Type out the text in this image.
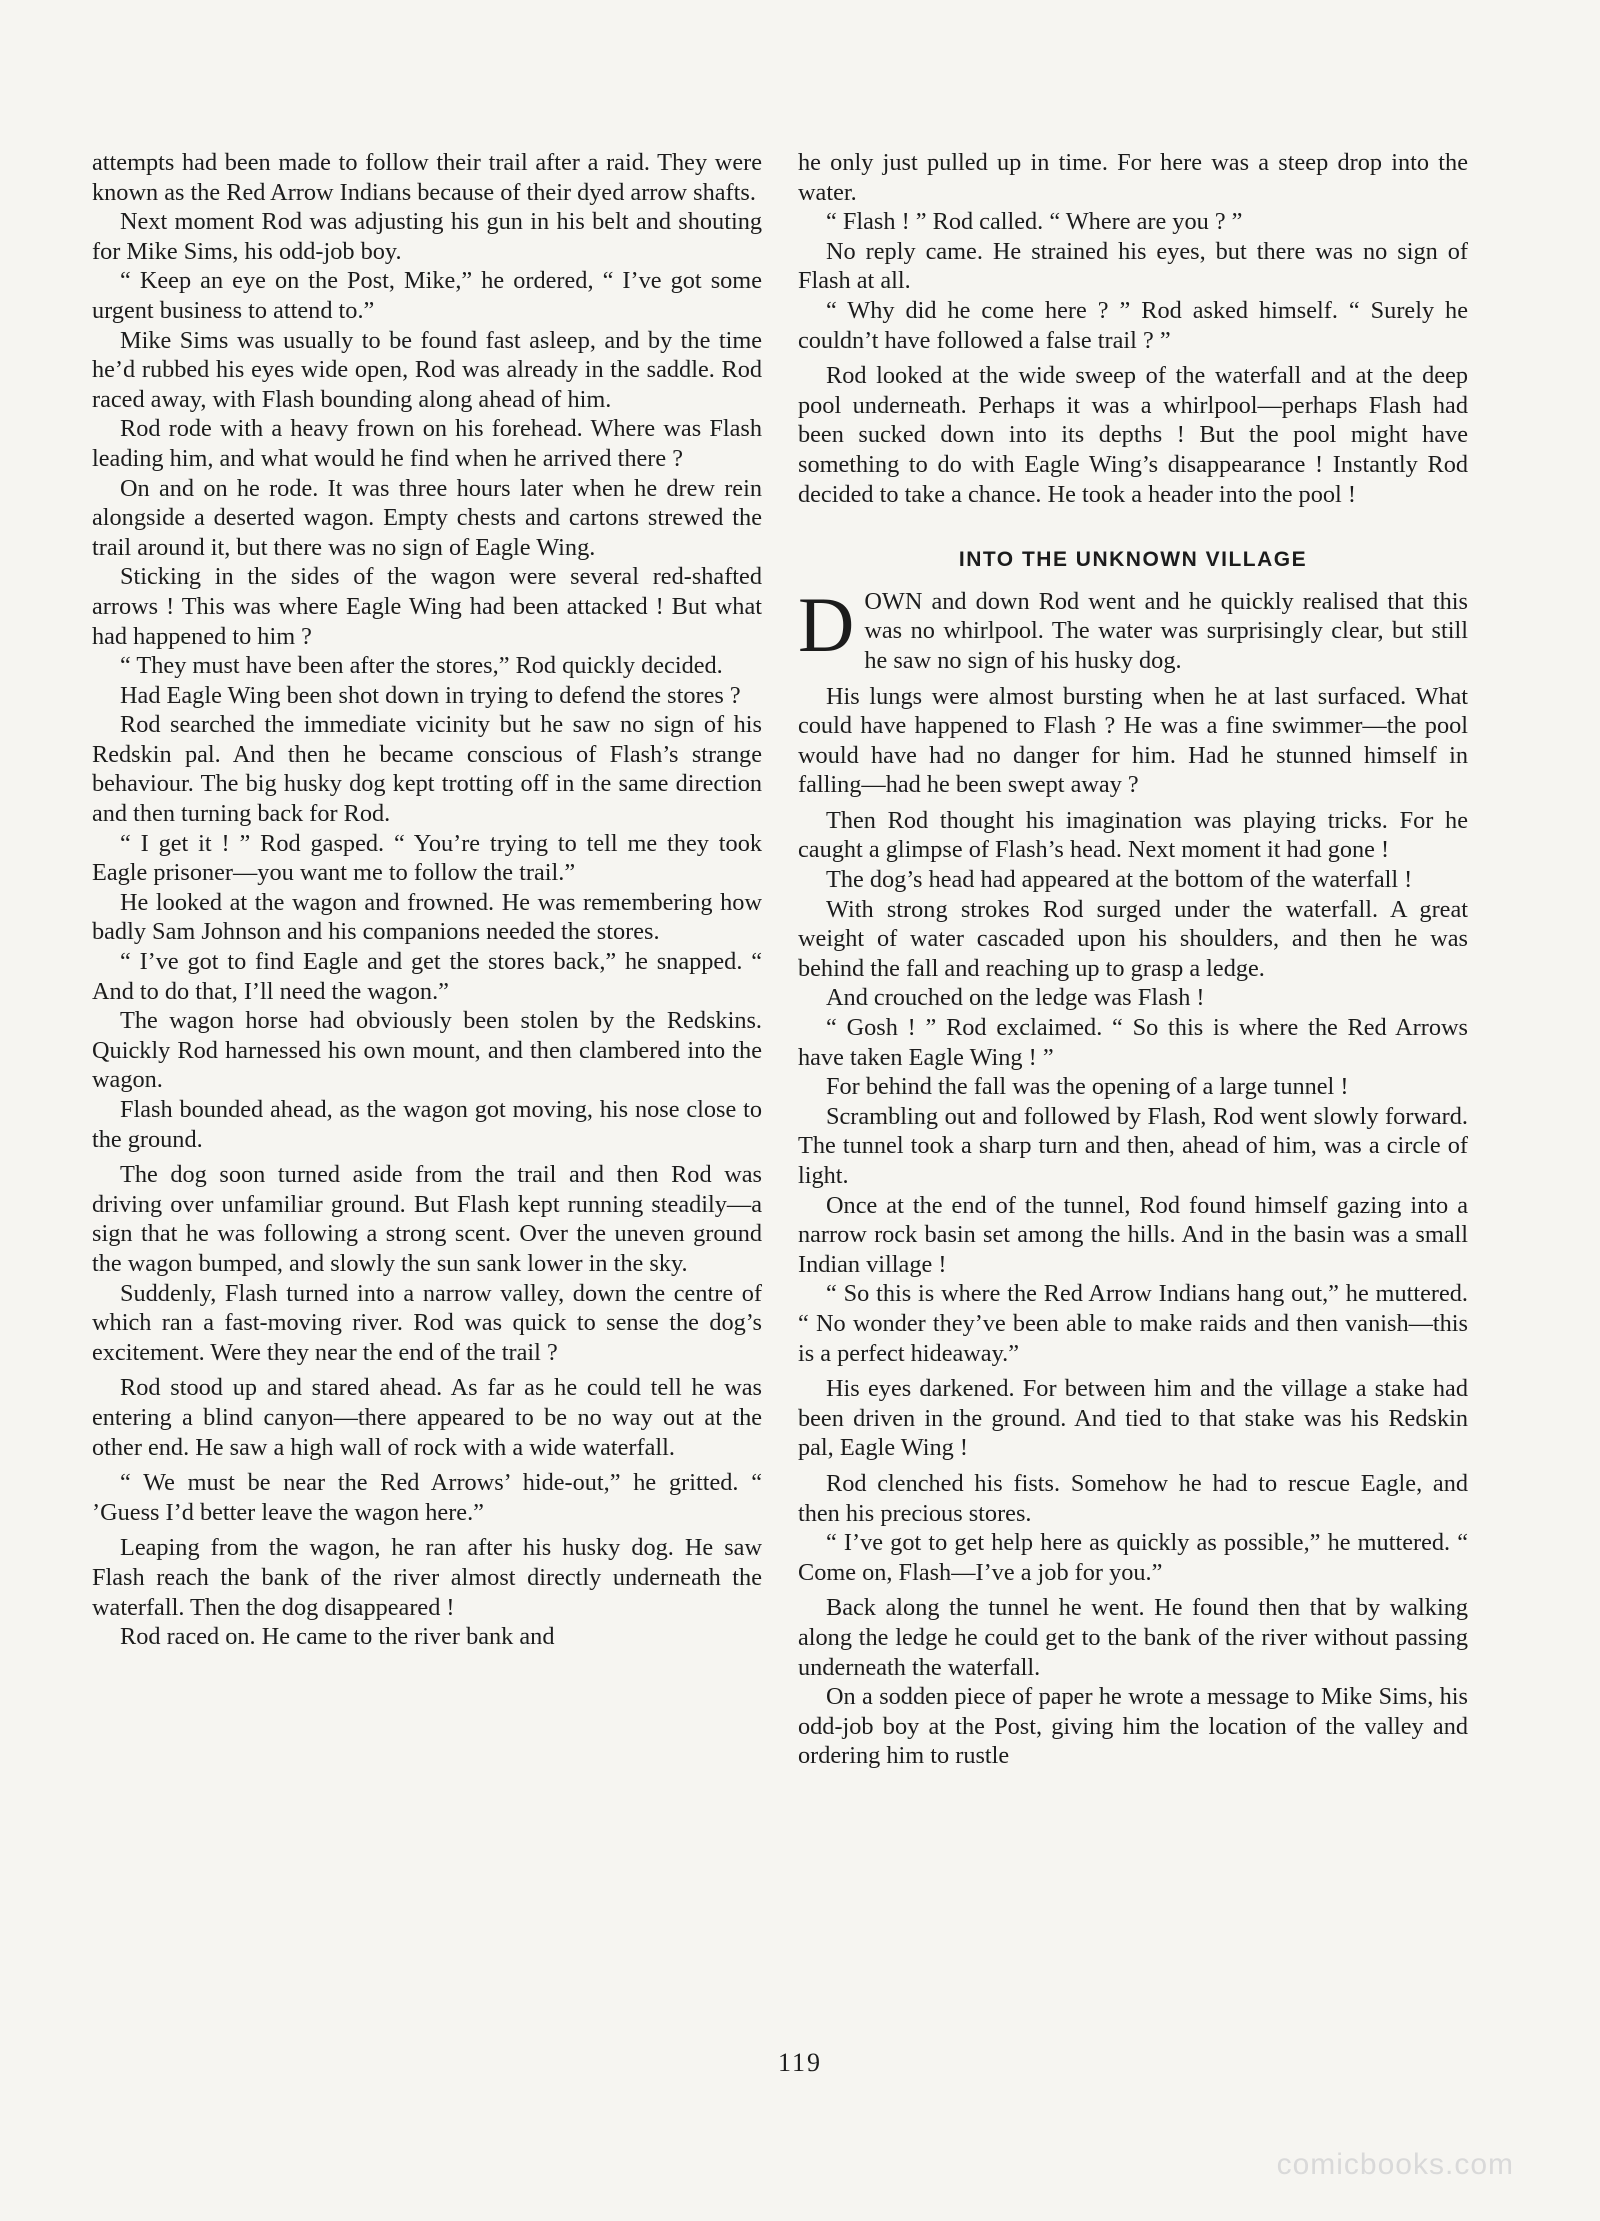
attempts had been made to follow their trail after a raid. They were known as the Red Arrow Indians because of their dyed arrow shafts.

Next moment Rod was adjusting his gun in his belt and shouting for Mike Sims, his odd-job boy.

“ Keep an eye on the Post, Mike,” he ordered, “ I’ve got some urgent business to attend to.”

Mike Sims was usually to be found fast asleep, and by the time he’d rubbed his eyes wide open, Rod was already in the saddle. Rod raced away, with Flash bounding along ahead of him.

Rod rode with a heavy frown on his forehead. Where was Flash leading him, and what would he find when he arrived there ?

On and on he rode. It was three hours later when he drew rein alongside a deserted wagon. Empty chests and cartons strewed the trail around it, but there was no sign of Eagle Wing.

Sticking in the sides of the wagon were several red-shafted arrows ! This was where Eagle Wing had been attacked ! But what had happened to him ?

“ They must have been after the stores,” Rod quickly decided.

Had Eagle Wing been shot down in trying to defend the stores ?

Rod searched the immediate vicinity but he saw no sign of his Redskin pal. And then he became conscious of Flash’s strange behaviour. The big husky dog kept trotting off in the same direction and then turning back for Rod.

“ I get it ! ” Rod gasped. “ You’re trying to tell me they took Eagle prisoner—you want me to follow the trail.”

He looked at the wagon and frowned. He was remembering how badly Sam Johnson and his companions needed the stores.

“ I’ve got to find Eagle and get the stores back,” he snapped. “ And to do that, I’ll need the wagon.”

The wagon horse had obviously been stolen by the Redskins. Quickly Rod harnessed his own mount, and then clambered into the wagon.

Flash bounded ahead, as the wagon got moving, his nose close to the ground.

The dog soon turned aside from the trail and then Rod was driving over unfamiliar ground. But Flash kept running steadily—a sign that he was following a strong scent. Over the uneven ground the wagon bumped, and slowly the sun sank lower in the sky.

Suddenly, Flash turned into a narrow valley, down the centre of which ran a fast-moving river. Rod was quick to sense the dog’s excitement. Were they near the end of the trail ?

Rod stood up and stared ahead. As far as he could tell he was entering a blind canyon—there appeared to be no way out at the other end. He saw a high wall of rock with a wide waterfall.

“ We must be near the Red Arrows’ hide-out,” he gritted. “ ’Guess I’d better leave the wagon here.”

Leaping from the wagon, he ran after his husky dog. He saw Flash reach the bank of the river almost directly underneath the waterfall. Then the dog disappeared !

Rod raced on. He came to the river bank and

he only just pulled up in time. For here was a steep drop into the water.

“ Flash ! ” Rod called. “ Where are you ? ”

No reply came. He strained his eyes, but there was no sign of Flash at all.

“ Why did he come here ? ” Rod asked himself. “ Surely he couldn’t have followed a false trail ? ”

Rod looked at the wide sweep of the waterfall and at the deep pool underneath. Perhaps it was a whirlpool—perhaps Flash had been sucked down into its depths ! But the pool might have something to do with Eagle Wing’s disappearance ! Instantly Rod decided to take a chance. He took a header into the pool !

INTO THE UNKNOWN VILLAGE

DOWN and down Rod went and he quickly realised that this was no whirlpool. The water was surprisingly clear, but still he saw no sign of his husky dog.

His lungs were almost bursting when he at last surfaced. What could have happened to Flash ? He was a fine swimmer—the pool would have had no danger for him. Had he stunned himself in falling—had he been swept away ?

Then Rod thought his imagination was playing tricks. For he caught a glimpse of Flash’s head. Next moment it had gone !

The dog’s head had appeared at the bottom of the waterfall !

With strong strokes Rod surged under the waterfall. A great weight of water cascaded upon his shoulders, and then he was behind the fall and reaching up to grasp a ledge.

And crouched on the ledge was Flash !

“ Gosh ! ” Rod exclaimed. “ So this is where the Red Arrows have taken Eagle Wing ! ”

For behind the fall was the opening of a large tunnel !

Scrambling out and followed by Flash, Rod went slowly forward. The tunnel took a sharp turn and then, ahead of him, was a circle of light.

Once at the end of the tunnel, Rod found himself gazing into a narrow rock basin set among the hills. And in the basin was a small Indian village !

“ So this is where the Red Arrow Indians hang out,” he muttered. “ No wonder they’ve been able to make raids and then vanish—this is a perfect hideaway.”

His eyes darkened. For between him and the village a stake had been driven in the ground. And tied to that stake was his Redskin pal, Eagle Wing !

Rod clenched his fists. Somehow he had to rescue Eagle, and then his precious stores.

“ I’ve got to get help here as quickly as possible,” he muttered. “ Come on, Flash—I’ve a job for you.”

Back along the tunnel he went. He found then that by walking along the ledge he could get to the bank of the river without passing underneath the waterfall.

On a sodden piece of paper he wrote a message to Mike Sims, his odd-job boy at the Post, giving him the location of the valley and ordering him to rustle

119
comicbooks.com
